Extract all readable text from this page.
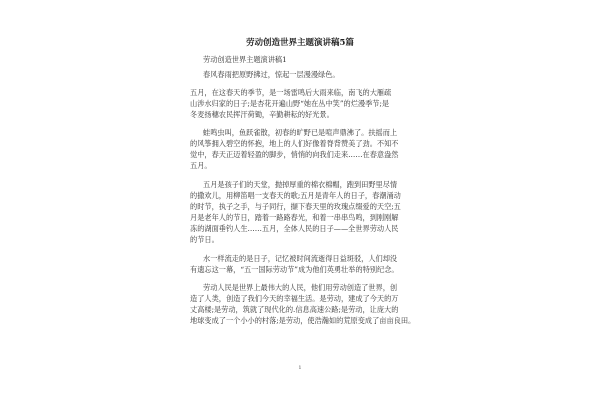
劳动创造世界主题演讲稿5篇

劳动创造世界主题演讲稿1

春风春雨把原野拂过，惊起一层漫漫绿色。

五月，在这春天的季节，是一场雷鸣后大雨来临，南飞的大雁疏

山涉水归家的日子;是杏花开遍山野“她在丛中笑”的烂漫季节;是

冬麦扬穗农民挥汗荷锄，辛勤耕耘的好光景。

蛙鸣虫叫，鱼跃雀散，初春的旷野已是喧声鼎沸了。扶摇而上

的风筝拥入碧空的怀抱，地上的人们好像着脊背赞美了劲。不知不

觉中，春天正迈着轻盈的脚步，悄悄的向我们走来……在春意盎然

五月。

五月是孩子们的天堂，抛掉厚重的棉衣棉帽，跑到田野里尽情

的撒欢儿，用柳笛唱一支春天的歌;五月是青年人的日子，春潮涌动

的时节，执子之手，与子同行，撷下春天里的玫瑰点缀爱的天空;五

月是老年人的节日，踏着一路路春光，和着一串串鸟鸣，到刚刚解

冻的湖面垂钓人生……五月，全体人民的日子——全世界劳动人民

的节日。

水一样流走的是日子，记忆被时间流逝得日益斑驳，人们却没

有遗忘这一幕，“五一国际劳动节”成为他们英勇壮举的特别纪念。

劳动人民是世界上最伟大的人民，他们用劳动创造了世界，创

造了人类，创造了我们今天的幸福生活。是劳动，建成了今天的万

丈高楼;是劳动，筑就了现代化的.信息高速公路;是劳动，让庞大的

地球变成了一个小小的村落;是劳动，使浩瀚如的荒原变成了亩亩良田。

1
